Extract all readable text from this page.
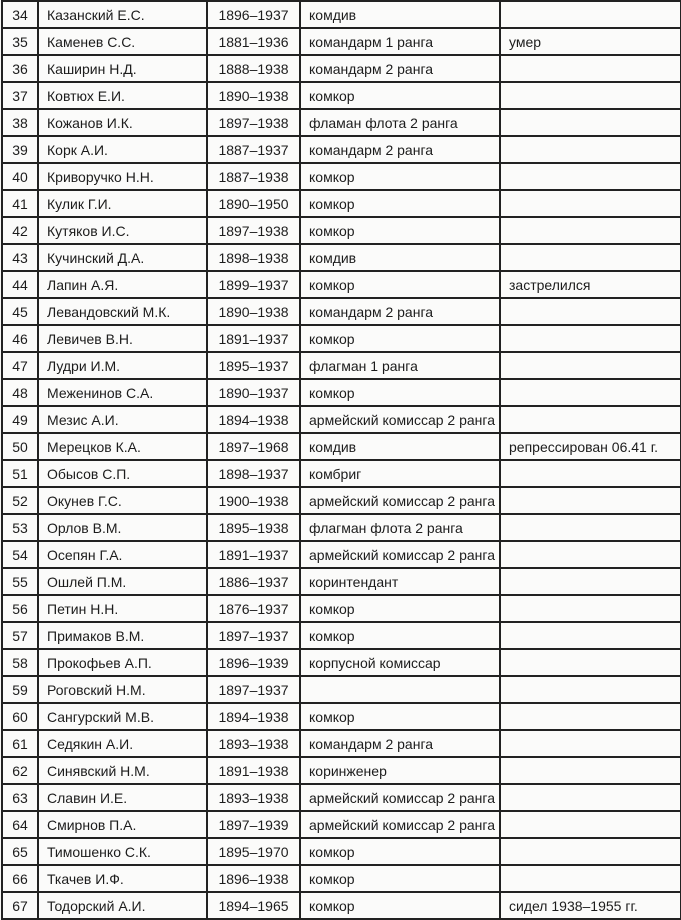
34	Казанский Е.С.	1896–1937	комдив	
35	Каменев С.С.	1881–1936	командарм 1 ранга	умер
36	Каширин Н.Д.	1888–1938	командарм 2 ранга	
37	Ковтюх Е.И.	1890–1938	комкор	
38	Кожанов И.К.	1897–1938	фламан флота 2 ранга	
39	Корк А.И.	1887–1937	командарм 2 ранга	
40	Криворучко Н.Н.	1887–1938	комкор	
41	Кулик Г.И.	1890–1950	комкор	
42	Кутяков И.С.	1897–1938	комкор	
43	Кучинский Д.А.	1898–1938	комдив	
44	Лапин А.Я.	1899–1937	комкор	застрелился
45	Левандовский М.К.	1890–1938	командарм 2 ранга	
46	Левичев В.Н.	1891–1937	комкор	
47	Лудри И.М.	1895–1937	флагман 1 ранга	
48	Меженинов С.А.	1890–1937	комкор	
49	Мезис А.И.	1894–1938	армейский комиссар 2 ранга	
50	Мерецков К.А.	1897–1968	комдив	репрессирован 06.41 г.
51	Обысов С.П.	1898–1937	комбриг	
52	Окунев Г.С.	1900–1938	армейский комиссар 2 ранга	
53	Орлов В.М.	1895–1938	флагман флота 2 ранга	
54	Осепян Г.А.	1891–1937	армейский комиссар 2 ранга	
55	Ошлей П.М.	1886–1937	коринтендант	
56	Петин Н.Н.	1876–1937	комкор	
57	Примаков В.М.	1897–1937	комкор	
58	Прокофьев А.П.	1896–1939	корпусной комиссар	
59	Роговский Н.М.	1897–1937		
60	Сангурский М.В.	1894–1938	комкор	
61	Седякин А.И.	1893–1938	командарм 2 ранга	
62	Синявский Н.М.	1891–1938	коринженер	
63	Славин И.Е.	1893–1938	армейский комиссар 2 ранга	
64	Смирнов П.А.	1897–1939	армейский комиссар 2 ранга	
65	Тимошенко С.К.	1895–1970	комкор	
66	Ткачев И.Ф.	1896–1938	комкор	
67	Тодорский А.И.	1894–1965	комкор	сидел 1938–1955 гг.
